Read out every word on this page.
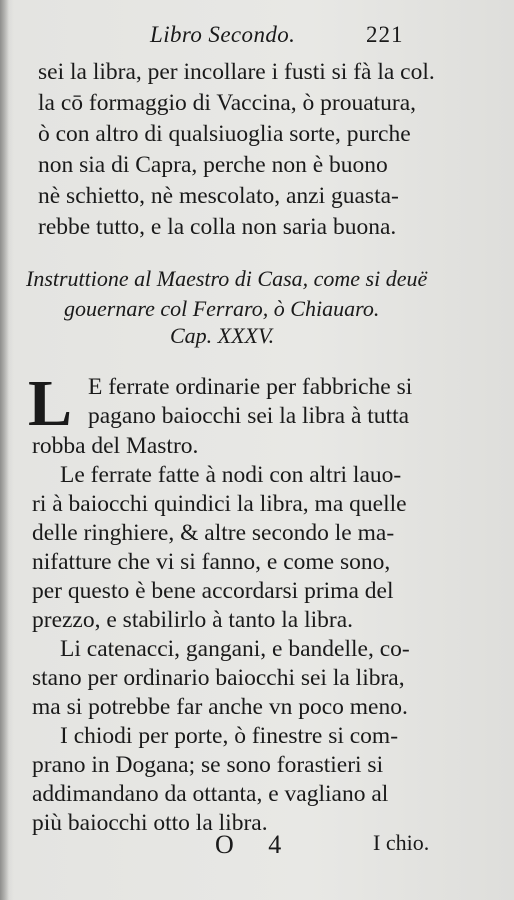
Libro Secondo.	221
sei la libra, per incollare i fusti si fà la col.
la cō formaggio di Vaccina, ò prouatura,
ò con altro di qualsiuoglia sorte, purche
non sia di Capra, perche non è buono
nè schietto, nè mescolato, anzi guasta-
rebbe tutto, e la colla non saria buona.
Instruttione al Maestro di Casa, come si deuë
gouernare col Ferraro, ò Chiauaro.
Cap. XXXV.
L E ferrate ordinarie per fabbriche si
pagano baiocchi sei la libra à tutta
robba del Mastro.
Le ferrate fatte à nodi con altri lauo-
ri à baiocchi quindici la libra, ma quelle
delle ringhiere, & altre secondo le ma-
nifatture che vi si fanno, e come sono,
per questo è bene accordarsi prima del
prezzo, e stabilirlo à tanto la libra.
Li catenacci, gangani, e bandelle, co-
stano per ordinario baiocchi sei la libra,
ma si potrebbe far anche vn poco meno.
I chiodi per porte, ò finestre si com-
prano in Dogana; se sono forastieri si
addimandano da ottanta, e vagliano al
più baiocchi otto la libra.
O 4	I chio.
